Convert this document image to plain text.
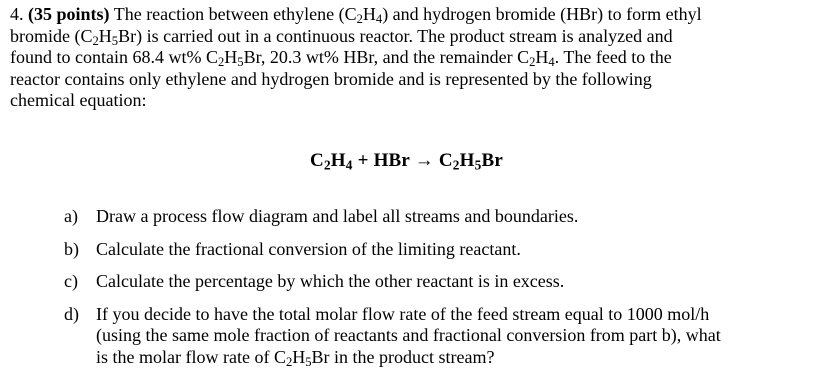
4. (35 points) The reaction between ethylene $(C_2H_4)$ and hydrogen bromide (HBr) to form ethyl
bromide $(C_2H_5Br)$ is carried out in a continuous reactor. The product stream is analyzed and
found to contain 68.4 wt% $C_2H_5Br$, 20.3 wt% HBr, and the remainder $C_2H_4$. The feed to the
reactor contains only ethylene and hydrogen bromide and is represented by the following
chemical equation:
$C_2H_4$ + HBr → $C_2H_5Br$
a)	Draw a process flow diagram and label all streams and boundaries.
b) Calculate the fractional conversion of the limiting reactant.
c)	Calculate the percentage by which the other reactant is in excess.
d) If you decide to have the total molar flow rate of the feed stream equal to 1000 mol/h
(using the same mole fraction of reactants and fractional conversion from part b), what
is the molar flow rate of $C_2H_5Br$ in the product stream?
